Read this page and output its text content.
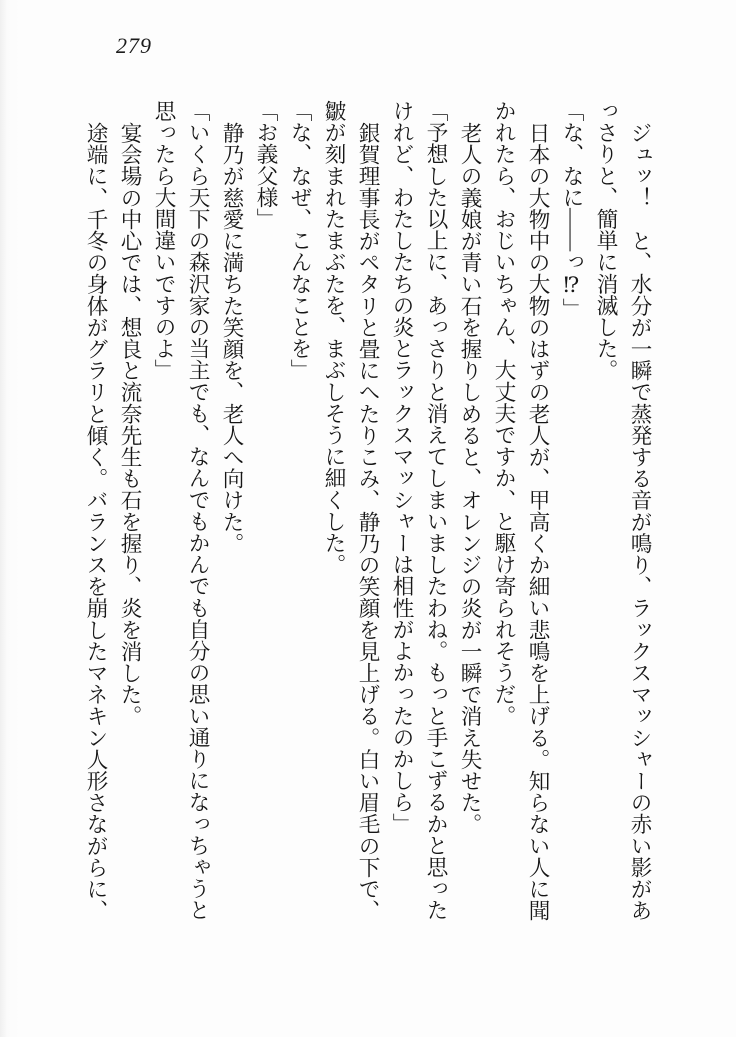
279

ジュッ！　と、水分が一瞬で蒸発する音が鳴り、ラックスマッシャーの赤い影があ

っさりと、簡単に消滅した。

「な、なに――っ⁉」

日本の大物中の大物のはずの老人が、甲高くか細い悲鳴を上げる。知らない人に聞

かれたら、おじいちゃん、大丈夫ですか、と駆け寄られそうだ。

老人の義娘が青い石を握りしめると、オレンジの炎が一瞬で消え失せた。

「予想した以上に、あっさりと消えてしまいましたわね。もっと手こずるかと思った

けれど、わたしたちの炎とラックスマッシャーは相性がよかったのかしら」

銀賀理事長がペタリと畳にへたりこみ、静乃の笑顔を見上げる。白い眉毛の下で、

皺が刻まれたまぶたを、まぶしそうに細くした。

「な、なぜ、こんなことを」

「お義父様」

静乃が慈愛に満ちた笑顔を、老人へ向けた。

「いくら天下の森沢家の当主でも、なんでもかんでも自分の思い通りになっちゃうと

思ったら大間違いですのよ」

宴会場の中心では、想良と流奈先生も石を握り、炎を消した。

途端に、千冬の身体がグラリと傾く。バランスを崩したマネキン人形さながらに、
